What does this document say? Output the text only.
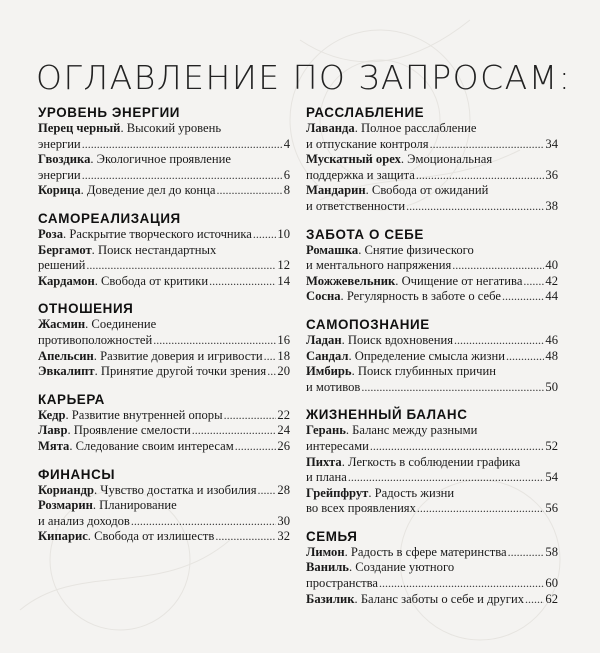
ОГЛАВЛЕНИЕ ПО ЗАПРОСАМ:
УРОВЕНЬ ЭНЕРГИИ
Перец черный. Высокий уровень
энергии .....	4
Гвоздика. Экологичное проявление
энергии .....	6
Корица. Доведение дел до конца .....	8
САМОРЕАЛИЗАЦИЯ
Роза. Раскрытие творческого источника ..... 10
Бергамот. Поиск нестандартных
решений .....	12
Кардамон. Свобода от критики .....	14
ОТНОШЕНИЯ
Жасмин. Соединение
противоположностей .....	16
Апельсин. Развитие доверия и игривости ..... 18
Эвкалипт. Принятие другой точки зрения ..... 20
КАРЬЕРА
Кедр. Развитие внутренней опоры .....	22
Лавр. Проявление смелости .....	24
Мята. Следование своим интересам .....	26
ФИНАНСЫ
Кориандр. Чувство достатка и изобилия ..... 28
Розмарин. Планирование
и анализ доходов .....	30
Кипарис. Свобода от излишеств .....	32
РАССЛАБЛЕНИЕ
Лаванда. Полное расслабление
и отпускание контроля .....	34
Мускатный орех. Эмоциональная
поддержка и защита .....	36
Мандарин. Свобода от ожиданий
и ответственности .....	38
ЗАБОТА О СЕБЕ
Ромашка. Снятие физического
и ментального напряжения .....	40
Можжевельник. Очищение от негатива ..... 42
Сосна. Регулярность в заботе о себе .....	44
САМОПОЗНАНИЕ
Ладан. Поиск вдохновения .....	46
Сандал. Определение смысла жизни .....	48
Имбирь. Поиск глубинных причин
и мотивов .....	50
ЖИЗНЕННЫЙ БАЛАНС
Герань. Баланс между разными
интересами .....	52
Пихта. Легкость в соблюдении графика
и плана .....	54
Грейпфрут. Радость жизни
во всех проявлениях .....	56
СЕМЬЯ
Лимон. Радость в сфере материнства .....	58
Ваниль. Создание уютного
пространства .....	60
Базилик. Баланс заботы о себе и других ..... 62
